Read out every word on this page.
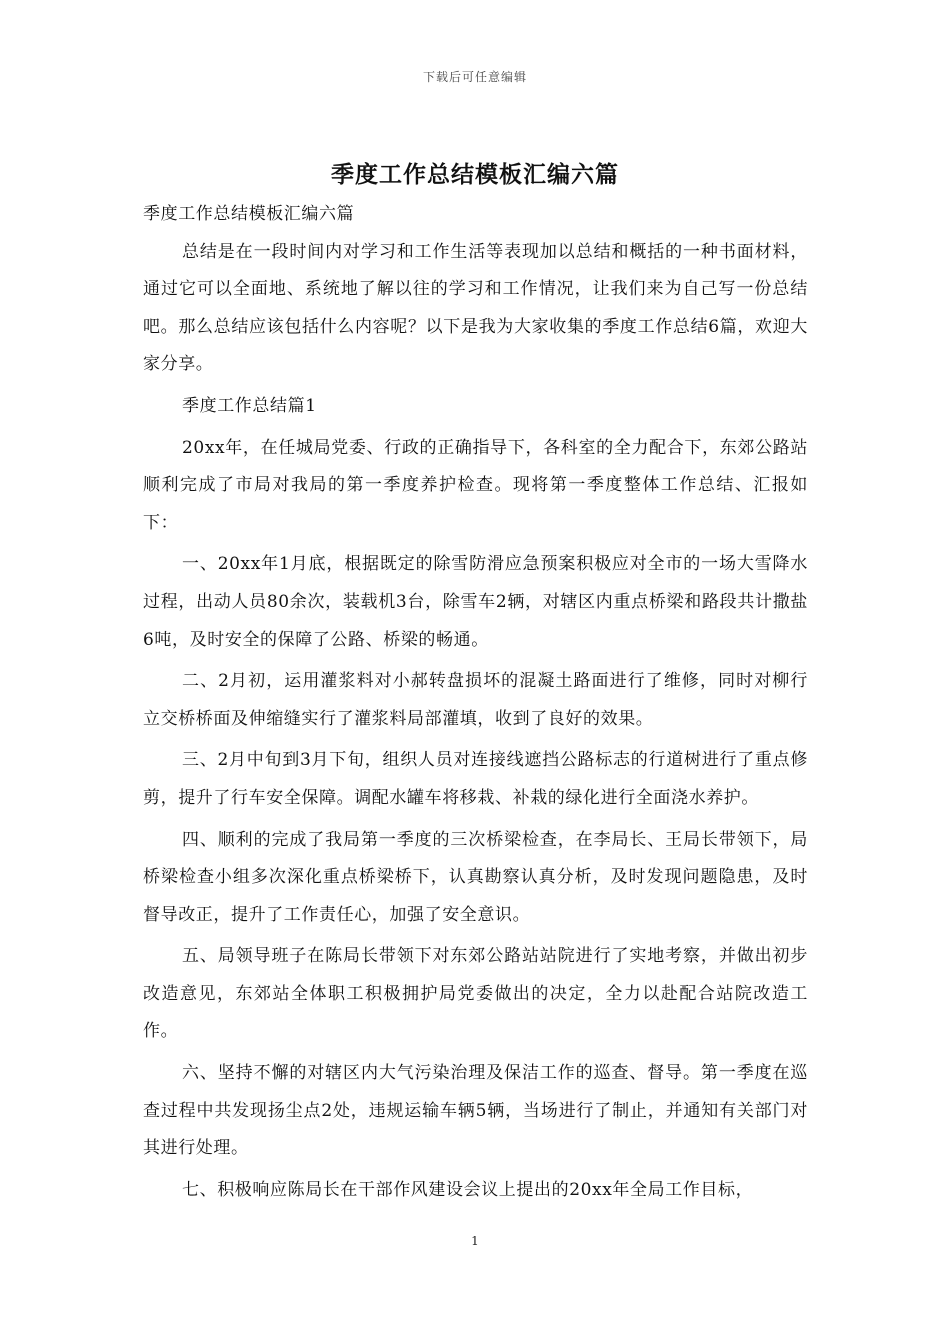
下载后可任意编辑
季度工作总结模板汇编六篇

季度工作总结模板汇编六篇

总结是在一段时间内对学习和工作生活等表现加以总结和概括的一种书面材料，通过它可以全面地、系统地了解以往的学习和工作情况，让我们来为自己写一份总结吧。那么总结应该包括什么内容呢？以下是我为大家收集的季度工作总结6篇，欢迎大家分享。

季度工作总结篇1

20xx年，在任城局党委、行政的正确指导下，各科室的全力配合下，东郊公路站顺利完成了市局对我局的第一季度养护检查。现将第一季度整体工作总结、汇报如下：

一、20xx年1月底，根据既定的除雪防滑应急预案积极应对全市的一场大雪降水过程，出动人员80余次，装载机3台，除雪车2辆，对辖区内重点桥梁和路段共计撒盐6吨，及时安全的保障了公路、桥梁的畅通。

二、2月初，运用灌浆料对小郝转盘损坏的混凝土路面进行了维修，同时对柳行立交桥桥面及伸缩缝实行了灌浆料局部灌填，收到了良好的效果。

三、2月中旬到3月下旬，组织人员对连接线遮挡公路标志的行道树进行了重点修剪，提升了行车安全保障。调配水罐车将移栽、补栽的绿化进行全面浇水养护。

四、顺利的完成了我局第一季度的三次桥梁检查，在李局长、王局长带领下，局桥梁检查小组多次深化重点桥梁桥下，认真勘察认真分析，及时发现问题隐患，及时督导改正，提升了工作责任心，加强了安全意识。

五、局领导班子在陈局长带领下对东郊公路站站院进行了实地考察，并做出初步改造意见，东郊站全体职工积极拥护局党委做出的决定，全力以赴配合站院改造工作。

六、坚持不懈的对辖区内大气污染治理及保洁工作的巡查、督导。第一季度在巡查过程中共发现扬尘点2处，违规运输车辆5辆，当场进行了制止，并通知有关部门对其进行处理。

七、积极响应陈局长在干部作风建设会议上提出的20xx年全局工作目标，

1
